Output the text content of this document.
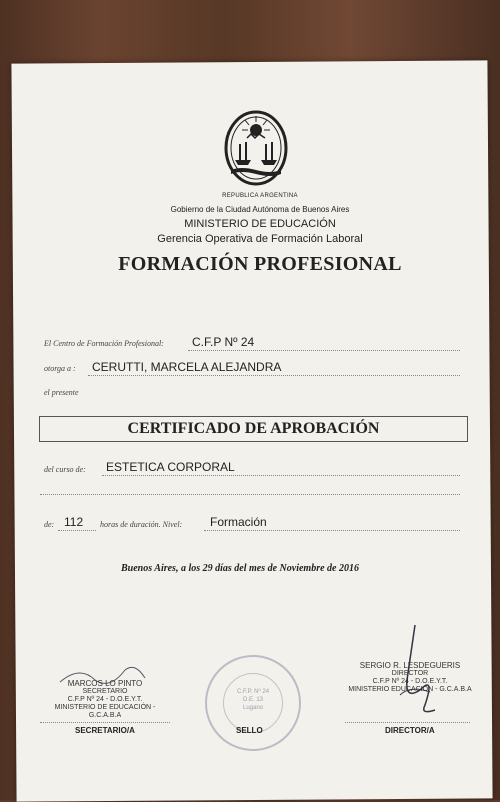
REPUBLICA ARGENTINA
Gobierno de la Ciudad Autónoma de Buenos Aires
MINISTERIO DE EDUCACIÓN
Gerencia Operativa de Formación Laboral
FORMACIÓN PROFESIONAL
El Centro de Formación Profesional: C.F.P Nº 24
otorga a : CERUTTI, MARCELA ALEJANDRA
el presente
CERTIFICADO DE APROBACIÓN
del curso de: ESTETICA CORPORAL
de: 112 horas de duración. Nivel: Formación
Buenos Aires, a los 29 días del mes de Noviembre de 2016
MARCOS LO PINTO
SECRETARIO
C.F.P Nº 24 - D.O.E.Y.T.
MINISTERIO DE EDUCACIÓN - G.C.A.B.A
SECRETARIO/A
C.F.P. Nº 24
D.E. 13
Lugano
SELLO
SERGIO R. LESDEGUERIS
DIRECTOR
C.F.P Nº 24 - D.O.E.Y.T.
MINISTERIO EDUCACIÓN - G.C.A.B.A
DIRECTOR/A
